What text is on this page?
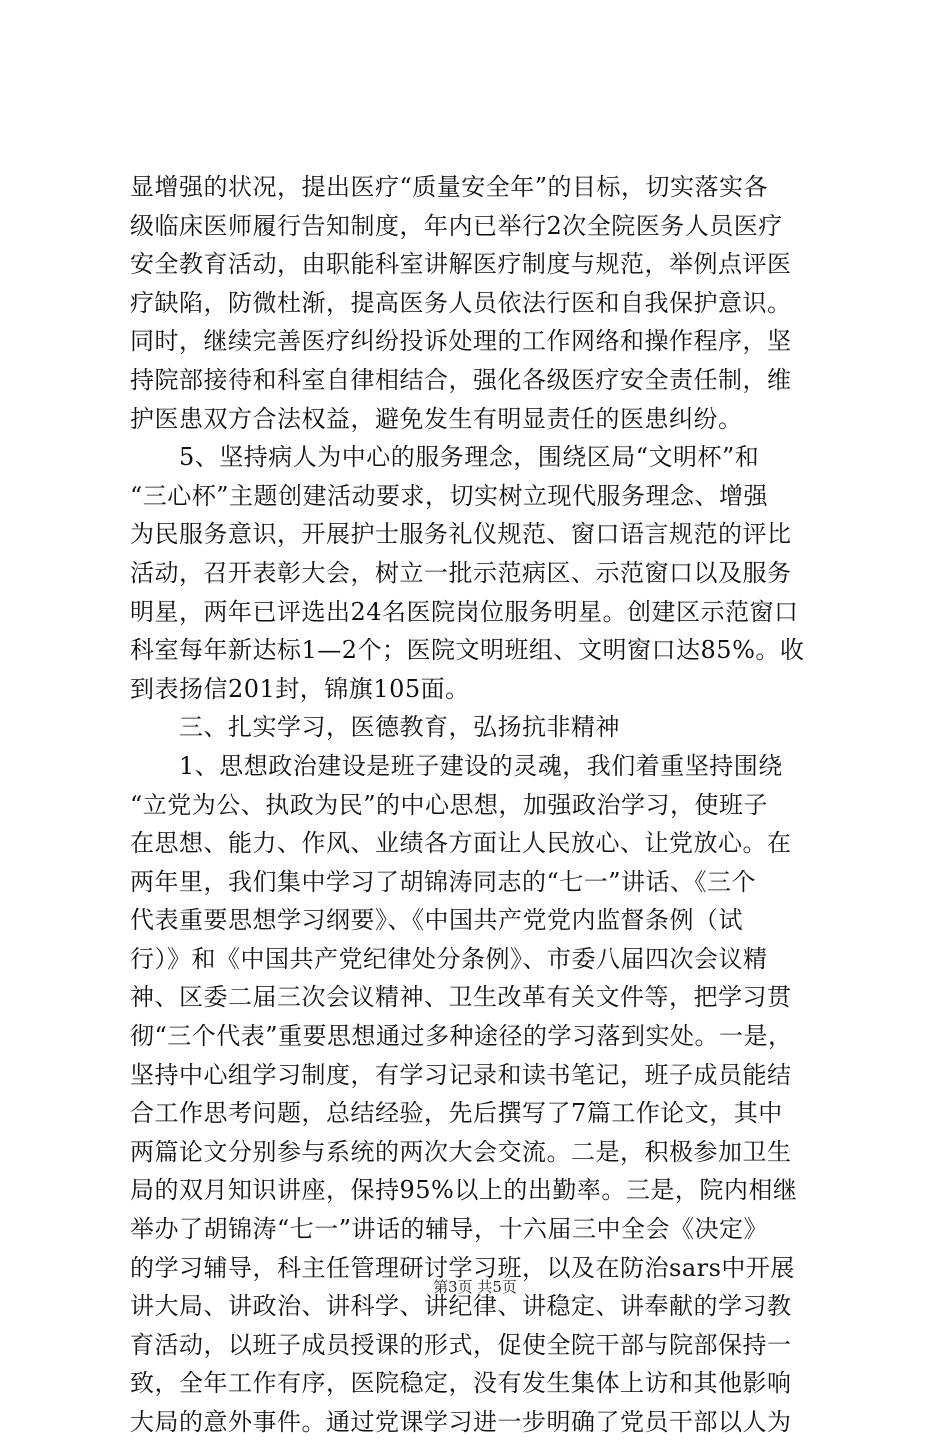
显增强的状况，提出医疗“质量安全年”的目标，切实落实各
级临床医师履行告知制度，年内已举行2次全院医务人员医疗
安全教育活动，由职能科室讲解医疗制度与规范，举例点评医
疗缺陷，防微杜渐，提高医务人员依法行医和自我保护意识。
同时，继续完善医疗纠纷投诉处理的工作网络和操作程序，坚
持院部接待和科室自律相结合，强化各级医疗安全责任制，维
护医患双方合法权益，避免发生有明显责任的医患纠纷。
　　5、坚持病人为中心的服务理念，围绕区局“文明杯”和
“三心杯”主题创建活动要求，切实树立现代服务理念、增强
为民服务意识，开展护士服务礼仪规范、窗口语言规范的评比
活动，召开表彰大会，树立一批示范病区、示范窗口以及服务
明星，两年已评选出24名医院岗位服务明星。创建区示范窗口
科室每年新达标1—2个；医院文明班组、文明窗口达85%。收
到表扬信201封，锦旗105面。
　　三、扎实学习，医德教育，弘扬抗非精神
　　1、思想政治建设是班子建设的灵魂，我们着重坚持围绕
“立党为公、执政为民”的中心思想，加强政治学习，使班子
在思想、能力、作风、业绩各方面让人民放心、让党放心。在
两年里，我们集中学习了胡锦涛同志的“七一”讲话、《三个
代表重要思想学习纲要》、《中国共产党党内监督条例（试
行）》和《中国共产党纪律处分条例》、市委八届四次会议精
神、区委二届三次会议精神、卫生改革有关文件等，把学习贯
彻“三个代表”重要思想通过多种途径的学习落到实处。一是，
坚持中心组学习制度，有学习记录和读书笔记，班子成员能结
合工作思考问题，总结经验，先后撰写了7篇工作论文，其中
两篇论文分别参与系统的两次大会交流。二是，积极参加卫生
局的双月知识讲座，保持95%以上的出勤率。三是，院内相继
举办了胡锦涛“七一”讲话的辅导，十六届三中全会《决定》
的学习辅导，科主任管理研讨学习班，以及在防治sars中开展
讲大局、讲政治、讲科学、讲纪律、讲稳定、讲奉献的学习教
育活动，以班子成员授课的形式，促使全院干部与院部保持一
致，全年工作有序，医院稳定，没有发生集体上访和其他影响
大局的意外事件。通过党课学习进一步明确了党员干部以人为
第3页 共5页
